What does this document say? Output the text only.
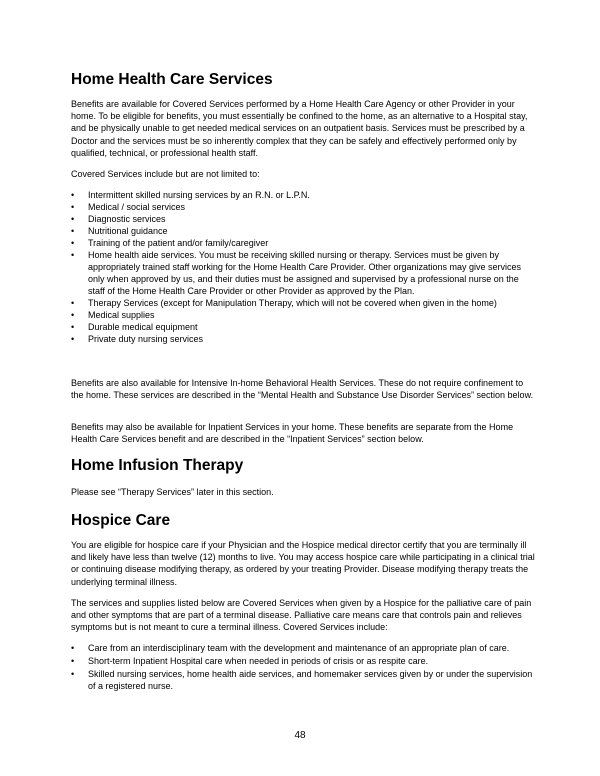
Home Health Care Services

Benefits are available for Covered Services performed by a Home Health Care Agency or other Provider in your home. To be eligible for benefits, you must essentially be confined to the home, as an alternative to a Hospital stay, and be physically unable to get needed medical services on an outpatient basis. Services must be prescribed by a Doctor and the services must be so inherently complex that they can be safely and effectively performed only by qualified, technical, or professional health staff.

Covered Services include but are not limited to:

• Intermittent skilled nursing services by an R.N. or L.P.N.
• Medical / social services
• Diagnostic services
• Nutritional guidance
• Training of the patient and/or family/caregiver
• Home health aide services. You must be receiving skilled nursing or therapy. Services must be given by appropriately trained staff working for the Home Health Care Provider. Other organizations may give services only when approved by us, and their duties must be assigned and supervised by a professional nurse on the staff of the Home Health Care Provider or other Provider as approved by the Plan.
• Therapy Services (except for Manipulation Therapy, which will not be covered when given in the home)
• Medical supplies
• Durable medical equipment
• Private duty nursing services

Benefits are also available for Intensive In-home Behavioral Health Services. These do not require confinement to the home. These services are described in the “Mental Health and Substance Use Disorder Services” section below.

Benefits may also be available for Inpatient Services in your home. These benefits are separate from the Home Health Care Services benefit and are described in the “Inpatient Services” section below.

Home Infusion Therapy

Please see “Therapy Services” later in this section.

Hospice Care

You are eligible for hospice care if your Physician and the Hospice medical director certify that you are terminally ill and likely have less than twelve (12) months to live. You may access hospice care while participating in a clinical trial or continuing disease modifying therapy, as ordered by your treating Provider. Disease modifying therapy treats the underlying terminal illness.

The services and supplies listed below are Covered Services when given by a Hospice for the palliative care of pain and other symptoms that are part of a terminal disease. Palliative care means care that controls pain and relieves symptoms but is not meant to cure a terminal illness. Covered Services include:

• Care from an interdisciplinary team with the development and maintenance of an appropriate plan of care.
• Short-term Inpatient Hospital care when needed in periods of crisis or as respite care.
• Skilled nursing services, home health aide services, and homemaker services given by or under the supervision of a registered nurse.
48
